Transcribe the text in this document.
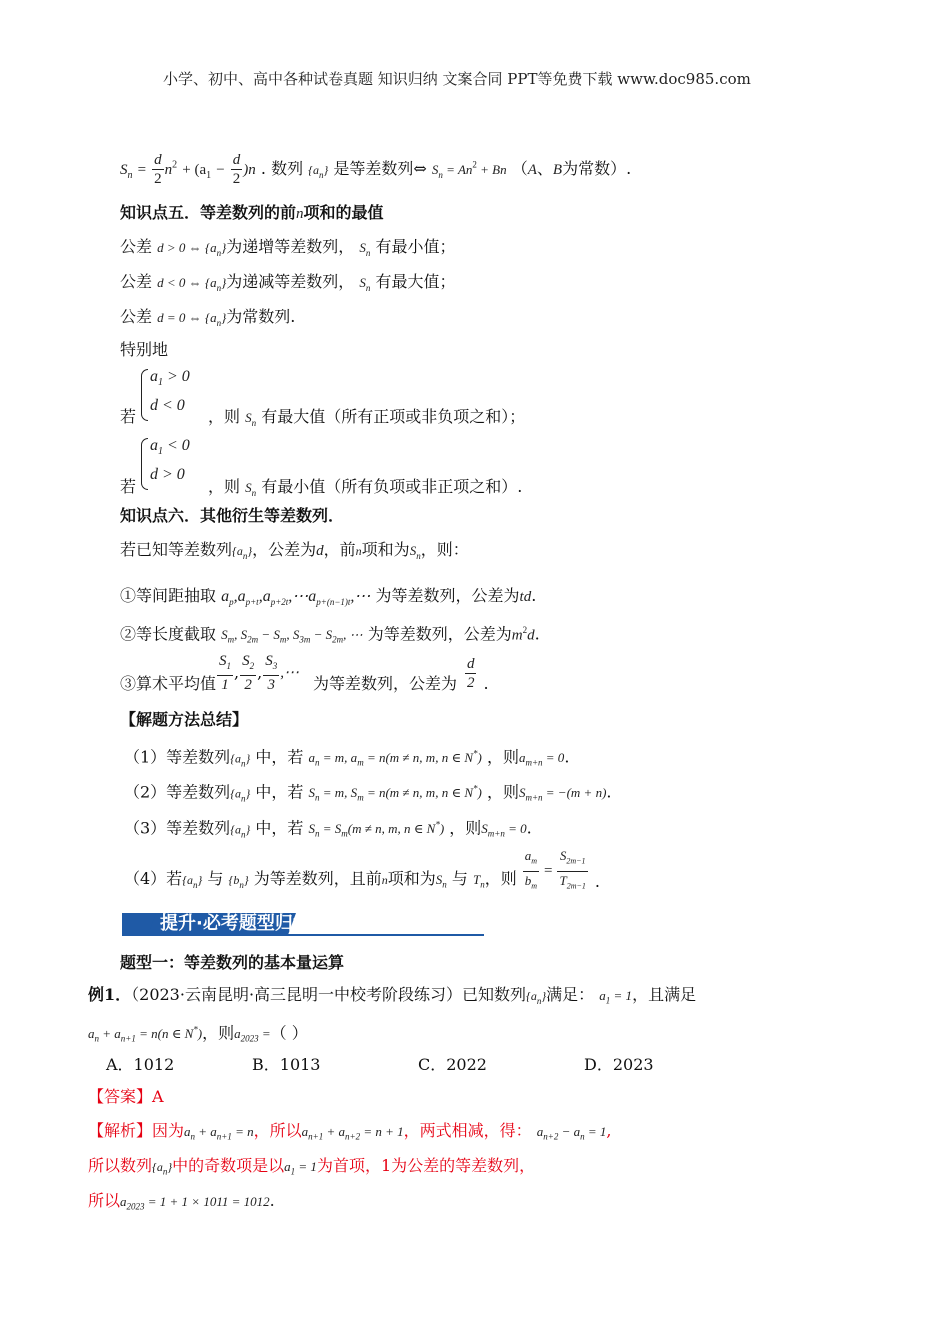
小学、初中、高中各种试卷真题 知识归纳 文案合同 PPT等免费下载 www.doc985.com
$S_n = \frac{d}{2} n^2 + (a_1 - \frac{d}{2} )n$ . 数列 $\{a_n\}$ 是等差数列⇔ $S_n = An^2 + Bn$ （A、B为常数）.
知识点五．等差数列的前n项和的最值
公差 d > 0 ⇔ $\{a_n\}$为递增等差数列， $S_n$ 有最小值；
公差 d < 0 ⇔ $\{a_n\}$为递减等差数列， $S_n$ 有最大值；
公差 d = 0 ⇔ $\{a_n\}$为常数列.
特别地
$a_1 > 0$
d < 0
若	，则 $S_n$ 有最大值（所有正项或非负项之和）；
$a_1 < 0$
d > 0
若	，则 $S_n$ 有最小值（所有负项或非正项之和）.
知识点六．其他衍生等差数列．
若已知等差数列$\{a_n\}$，公差为d，前n项和为$S_n$，则：
①等间距抽取 $a_p,a_{p+t},a_{p+2t},\cdots a_{p+(n-1)t},\cdots$ 为等差数列，公差为td.
②等长度截取 $S_m$, $S_{2m} - S_m$, $S_{3m} - S_{2m}$, ⋯ 为等差数列，公差为$m^2d$.
③算术平均值 $\frac{S_1}{1}$ , $\frac{S_2}{2}$ , $\frac{S_3}{3}$ ,⋯
为等差数列，公差为 $\frac{d}{2}$ .
【解题方法总结】
（1）等差数列$\{a_n\}$ 中，若 $a_n = m$, $a_m = n(m \ne n$, m, n ∈ N*) ，则$a_{m+n} = 0$.
（2）等差数列$\{a_n\}$ 中，若 $S_n = m$, $S_m = n(m \ne n$, m, n ∈ N*) ，则$S_{m+n} = -(m + n)$.
（3）等差数列$\{a_n\}$ 中，若 $S_n = S_m(m \ne n$, m, n ∈ N*) ，则$S_{m+n} = 0$.
（4）若$\{a_n\}$ 与 $\{b_n\}$ 为等差数列，且前n项和为$S_n$ 与 $T_n$，则 $\frac{a_m}{b_m} = \frac{S_{2m-1}}{T_{2m-1}}$ .
提升·必考题型归纳
题型一：等差数列的基本量运算
例1．（2023·云南昆明·高三昆明一中校考阶段练习）已知数列$\{a_n\}$满足： $a_1 = 1$，且满足
$a_n + a_{n+1} = n(n$ ∈ N*)，则$a_{2023}$ =（ ）
A．1012	B．1013	C．2022	D．2023
【答案】A
【解析】因为$a_n + a_{n+1} = n$，所以$a_{n+1} + a_{n+2} = n + 1$，两式相减，得： $a_{n+2} - a_n = 1$,
所以数列$\{a_n\}$中的奇数项是以$a_1 = 1$为首项，1为公差的等差数列，
所以$a_{2023} = 1 + 1 \times 1011 = 1012$.
